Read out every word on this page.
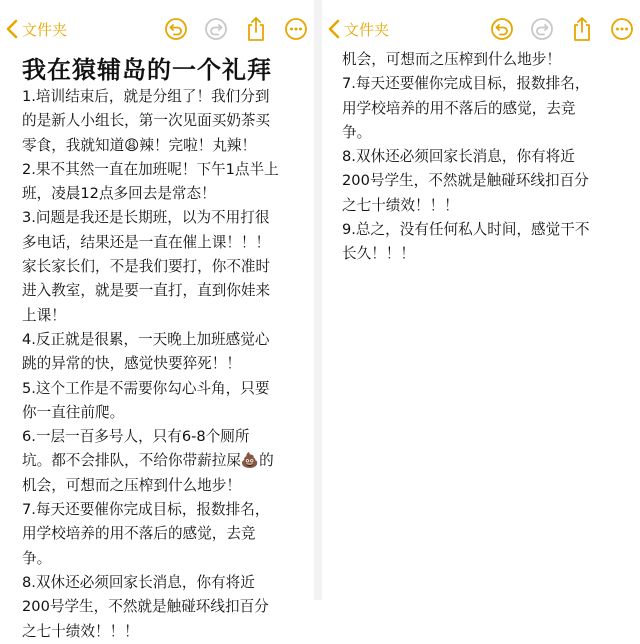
文件夹
我在猿辅岛的一个礼拜

1.培训结束后，就是分组了！我们分到

的是新人小组长，第一次见面买奶茶买

零食，我就知道😩辣！完啦！丸辣！

2.果不其然一直在加班呢！下午1点半上

班，凌晨12点多回去是常态！

3.问题是我还是长期班，以为不用打很

多电话，结果还是一直在催上课！！！

家长家长们，不是我们要打，你不准时

进入教室，就是要一直打，直到你娃来

上课！

4.反正就是很累，一天晚上加班感觉心

跳的异常的快，感觉快要猝死！！

5.这个工作是不需要你勾心斗角，只要

你一直往前爬。

6.一层一百多号人，只有6-8个厕所

坑。都不会排队，不给你带薪拉屎💩的

机会，可想而之压榨到什么地步！

7.每天还要催你完成目标，报数排名，

用学校培养的用不落后的感觉，去竞

争。

8.双休还必须回家长消息，你有将近

200号学生，不然就是触碰环线扣百分

之七十绩效！！！

文件夹

机会，可想而之压榨到什么地步！

7.每天还要催你完成目标，报数排名，

用学校培养的用不落后的感觉，去竞

争。

8.双休还必须回家长消息，你有将近

200号学生，不然就是触碰环线扣百分

之七十绩效！！！

9.总之，没有任何私人时间，感觉干不

长久！！！
